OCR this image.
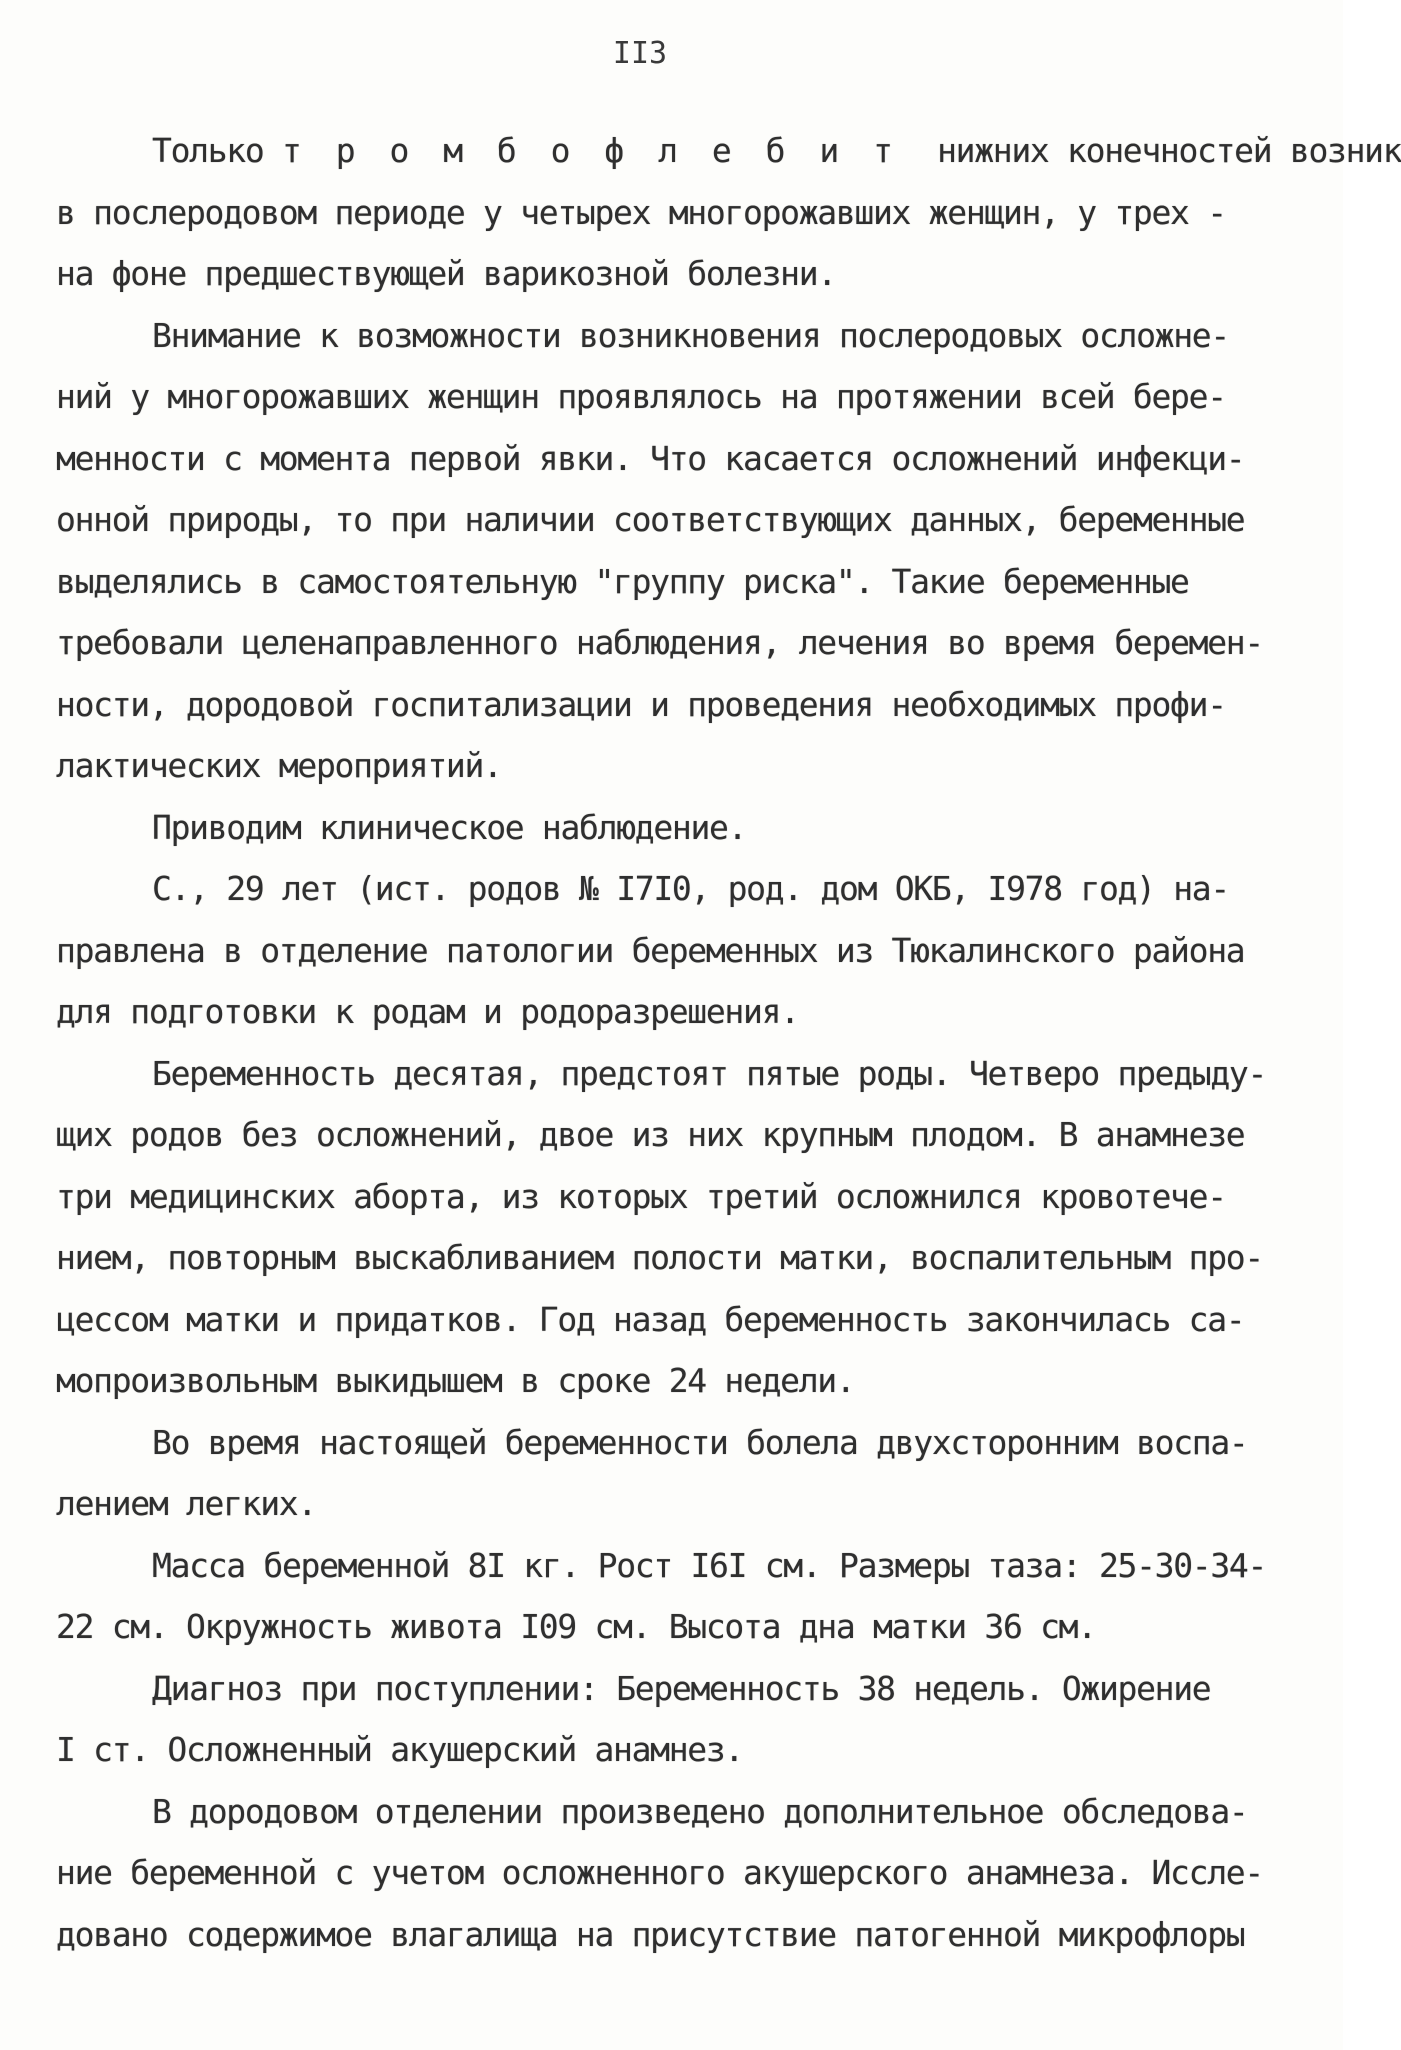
II3
Только т р о м б о ф л е б и т  нижних конечностей возник
в послеродовом периоде у четырех многорожавших женщин, у трех -
на фоне предшествующей варикозной болезни.
Внимание к возможности возникновения послеродовых осложне-
ний у многорожавших женщин проявлялось на протяжении всей бере-
менности с момента первой явки. Что касается осложнений инфекци-
онной природы, то при наличии соответствующих данных, беременные
выделялись в самостоятельную "группу риска". Такие беременные
требовали целенаправленного наблюдения, лечения во время беремен-
ности, дородовой госпитализации и проведения необходимых профи-
лактических мероприятий.
Приводим клиническое наблюдение.
С., 29 лет (ист. родов № I7I0, род. дом ОКБ, I978 год) на-
правлена в отделение патологии беременных из Тюкалинского района
для подготовки к родам и родоразрешения.
Беременность десятая, предстоят пятые роды. Четверо предыду-
щих родов без осложнений, двое из них крупным плодом. В анамнезе
три медицинских аборта, из которых третий осложнился кровотече-
нием, повторным выскабливанием полости матки, воспалительным про-
цессом матки и придатков. Год назад беременность закончилась са-
мопроизвольным выкидышем в сроке 24 недели.
Во время настоящей беременности болела двухсторонним воспа-
лением легких.
Масса беременной 8I кг. Рост I6I см. Размеры таза: 25-30-34-
22 см. Окружность живота I09 см. Высота дна матки 36 см.
Диагноз при поступлении: Беременность 38 недель. Ожирение
I ст. Осложненный акушерский анамнез.
В дородовом отделении произведено дополнительное обследова-
ние беременной с учетом осложненного акушерского анамнеза. Иссле-
довано содержимое влагалища на присутствие патогенной микрофлоры
